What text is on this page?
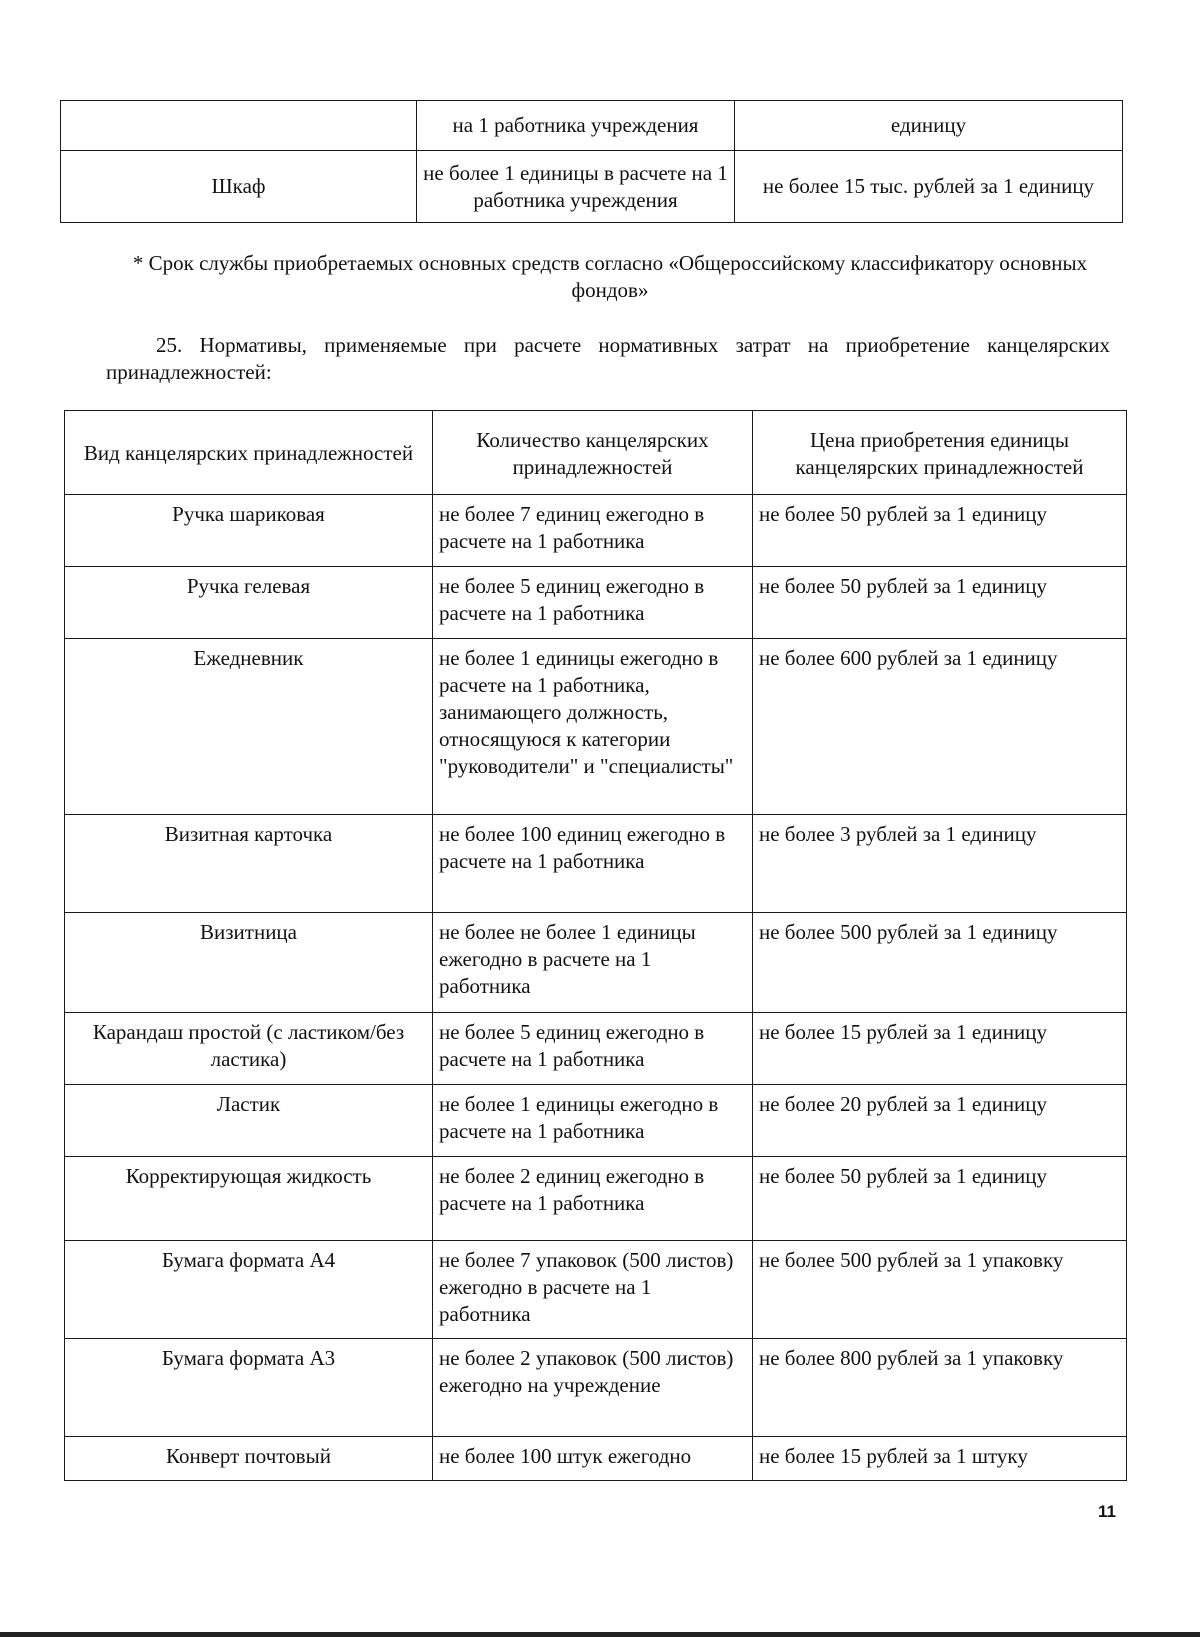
	на 1 работника учреждения	единицу
Шкаф	не более 1 единицы в расчете на 1 работника учреждения	не более 15 тыс. рублей за 1 единицу
* Срок службы приобретаемых основных средств согласно «Общероссийскому классификатору основных фондов»
25. Нормативы, применяемые при расчете нормативных затрат на приобретение канцелярских принадлежностей:
Вид канцелярских принадлежностей	Количество канцелярских принадлежностей	Цена приобретения единицы канцелярских принадлежностей
Ручка шариковая	не более 7 единиц ежегодно в расчете на 1 работника	не более 50 рублей за 1 единицу
Ручка гелевая	не более 5 единиц ежегодно в расчете на 1 работника	не более 50 рублей за 1 единицу
Ежедневник	не более 1 единицы ежегодно в расчете на 1 работника, занимающего должность, относящуюся к категории "руководители" и "специалисты"	не более 600 рублей за 1 единицу
Визитная карточка	не более 100 единиц ежегодно в расчете на 1 работника	не более 3 рублей за 1 единицу
Визитница	не более не более 1 единицы ежегодно в расчете на 1 работника	не более 500 рублей за 1 единицу
Карандаш простой (с ластиком/без ластика)	не более 5 единиц ежегодно в расчете на 1 работника	не более 15 рублей за 1 единицу
Ластик	не более 1 единицы ежегодно в расчете на 1 работника	не более 20 рублей за 1 единицу
Корректирующая жидкость	не более 2 единиц ежегодно в расчете на 1 работника	не более 50 рублей за 1 единицу
Бумага формата А4	не более 7 упаковок (500 листов) ежегодно в расчете на 1 работника	не более 500 рублей за 1 упаковку
Бумага формата А3	не более 2 упаковок (500 листов) ежегодно на учреждение	не более 800 рублей за 1 упаковку
Конверт почтовый	не более 100 штук ежегодно	не более 15 рублей за 1 штуку
11
